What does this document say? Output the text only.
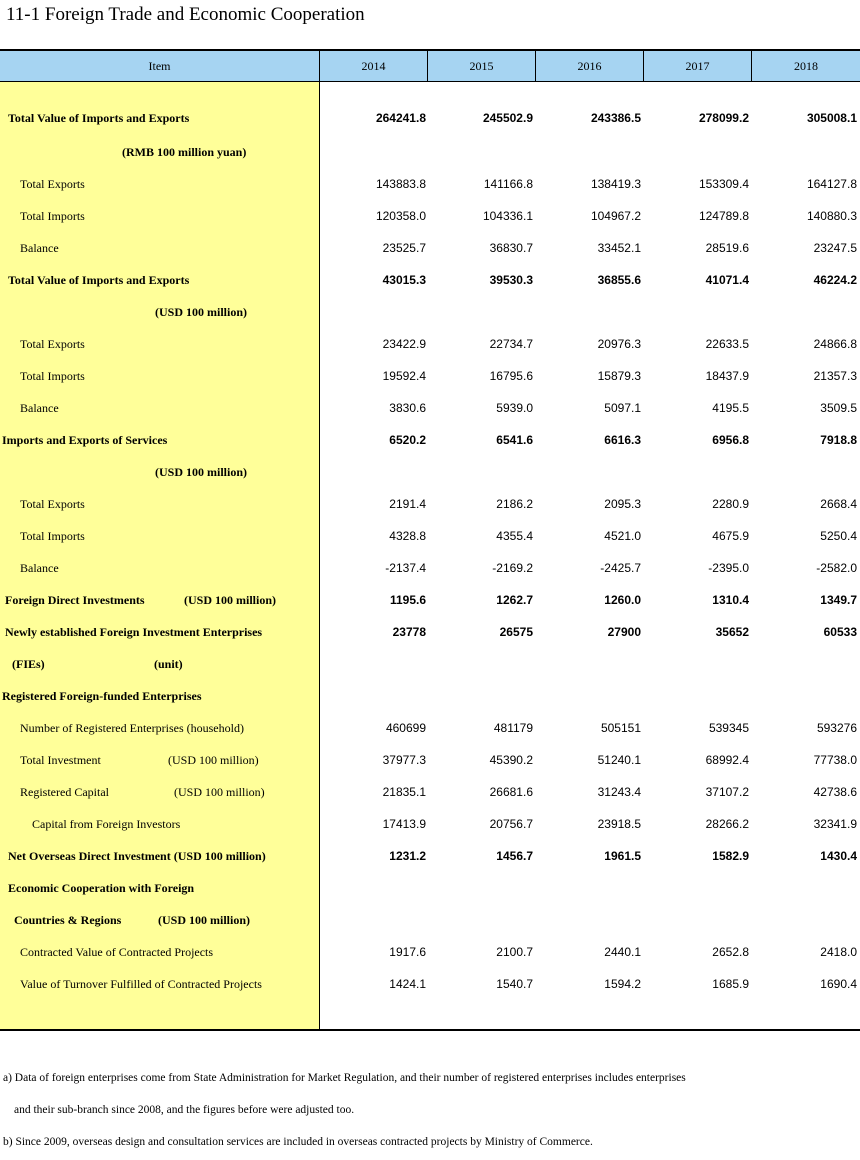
11-1 Foreign Trade and Economic Cooperation
Item	2014	2015	2016	2017	2018
Total Value of Imports and Exports	264241.8	245502.9	243386.5	278099.2	305008.1
(RMB 100 million yuan)
Total Exports	143883.8	141166.8	138419.3	153309.4	164127.8
Total Imports	120358.0	104336.1	104967.2	124789.8	140880.3
Balance	23525.7	36830.7	33452.1	28519.6	23247.5
Total Value of Imports and Exports	43015.3	39530.3	36855.6	41071.4	46224.2
(USD 100 million)
Total Exports	23422.9	22734.7	20976.3	22633.5	24866.8
Total Imports	19592.4	16795.6	15879.3	18437.9	21357.3
Balance	3830.6	5939.0	5097.1	4195.5	3509.5
Imports and Exports of Services	6520.2	6541.6	6616.3	6956.8	7918.8
(USD 100 million)
Total Exports	2191.4	2186.2	2095.3	2280.9	2668.4
Total Imports	4328.8	4355.4	4521.0	4675.9	5250.4
Balance	-2137.4	-2169.2	-2425.7	-2395.0	-2582.0
Foreign Direct Investments	(USD 100 million)	1195.6	1262.7	1260.0	1310.4	1349.7
Newly established Foreign Investment Enterprises	23778	26575	27900	35652	60533
(FIEs)	(unit)
Registered Foreign-funded Enterprises
Number of Registered Enterprises (household)	460699	481179	505151	539345	593276
Total Investment	(USD 100 million)	37977.3	45390.2	51240.1	68992.4	77738.0
Registered Capital	(USD 100 million)	21835.1	26681.6	31243.4	37107.2	42738.6
Capital from Foreign Investors	17413.9	20756.7	23918.5	28266.2	32341.9
Net Overseas Direct Investment (USD 100 million)	1231.2	1456.7	1961.5	1582.9	1430.4
Economic Cooperation with Foreign
Countries & Regions	(USD 100 million)
Contracted Value of Contracted Projects	1917.6	2100.7	2440.1	2652.8	2418.0
Value of Turnover Fulfilled of Contracted Projects	1424.1	1540.7	1594.2	1685.9	1690.4
a) Data of foreign enterprises come from State Administration for Market Regulation, and their number of registered enterprises includes enterprises
and their sub-branch since 2008, and the figures before were adjusted too.
b) Since 2009, overseas design and consultation services are included in overseas contracted projects by Ministry of Commerce.
